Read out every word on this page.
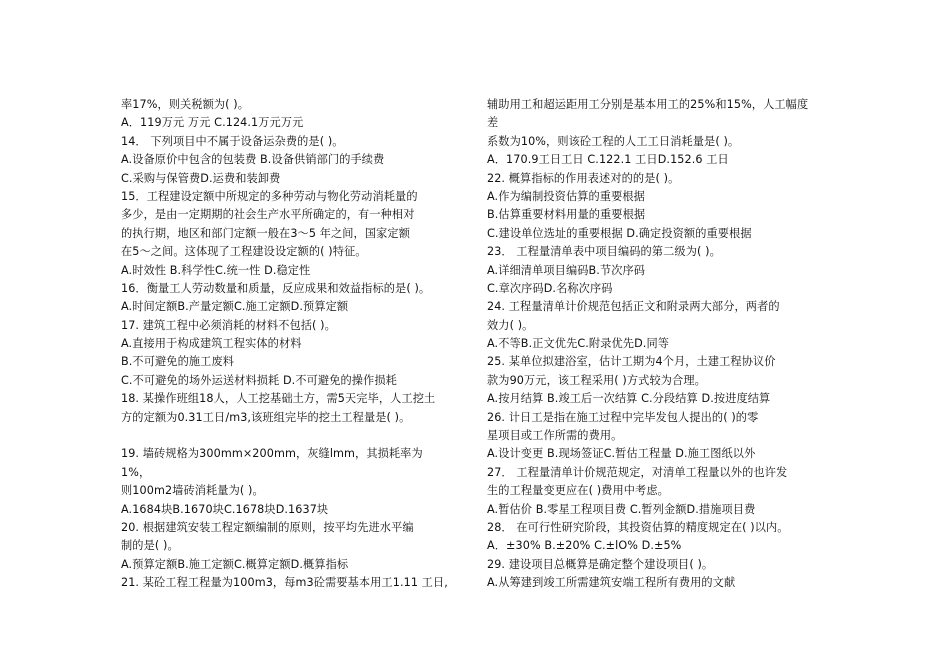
率17%，则关税额为( )。
A．119万元 万元 C.124.1万元万元
14． 下列项目中不属于设备运杂费的是( )。
A.设备原价中包含的包装费 B.设备供销部门的手续费
C.采购与保管费D.运费和装卸费
15．工程建设定额中所规定的多种劳动与物化劳动消耗量的
多少，是由一定期期的社会生产水平所确定的，有一种相对
的执行期，地区和部门定额一般在3～5 年之间，国家定额
在5～之间。这体现了工程建设设定额的( )特征。
A.时效性 B.科学性C.统一性 D.稳定性
16．衡量工人劳动数量和质量，反应成果和效益指标的是( )。
A.时间定额B.产量定额C.施工定额D.预算定额
17. 建筑工程中必须消耗的材料不包括( )。
A.直接用于构成建筑工程实体的材料
B.不可避免的施工废料
C.不可避免的场外运送材料损耗 D.不可避免的操作损耗
18. 某操作班组18人，人工挖基础土方，需5天完毕，人工挖土
方的定额为0.31工日/m3,该班组完毕的挖土工程量是( )。
19. 墙砖规格为300mm×200mm，灰缝lmm，其损耗率为
1%，
则100m2墙砖消耗量为( )。
A.1684块B.1670块C.1678块D.1637块
20. 根据建筑安装工程定额编制的原则，按平均先进水平编
制的是( )。
A.预算定额B.施工定额C.概算定额D.概算指标
21. 某砼工程工程量为100m3，每m3砼需要基本用工1.11 工日,
辅助用工和超运距用工分别是基本用工的25%和15%，人工幅度
差
系数为10%，则该砼工程的人工工日消耗量是( )。
A．170.9工日工日 C.122.1 工日D.152.6 工日
22. 概算指标的作用表述对的的是( )。
A.作为编制投资估算的重要根据
B.估算重要材料用量的重要根据
C.建设单位选址的重要根据 D.确定投资额的重要根据
23． 工程量清单表中项目编码的第二级为( )。
A.详细清单项目编码B.节次序码
C.章次序码D.名称次序码
24. 工程量清单计价规范包括正文和附录两大部分，两者的
效力( )。
A.不等B.正文优先C.附录优先D.同等
25. 某单位拟建浴室，估计工期为4个月，土建工程协议价
款为90万元，该工程采用( )方式较为合理。
A.按月结算 B.竣工后一次结算 C.分段结算 D.按进度结算
26. 计日工是指在施工过程中完毕发包人提出的( )的零
星项目或工作所需的费用。
A.设计变更 B.现场签证C.暂估工程量 D.施工图纸以外
27． 工程量清单计价规范规定，对清单工程量以外的也许发
生的工程量变更应在( )费用中考虑。
A.暂估价 B.零星工程项目费 C.暂列金额D.措施项目费
28． 在可行性研究阶段，其投资估算的精度规定在( )以内。
A．±30% B.±20% C.±lO% D.±5%
29. 建设项目总概算是确定整个建设项目( )。
A.从筹建到竣工所需建筑安端工程所有费用的文献
